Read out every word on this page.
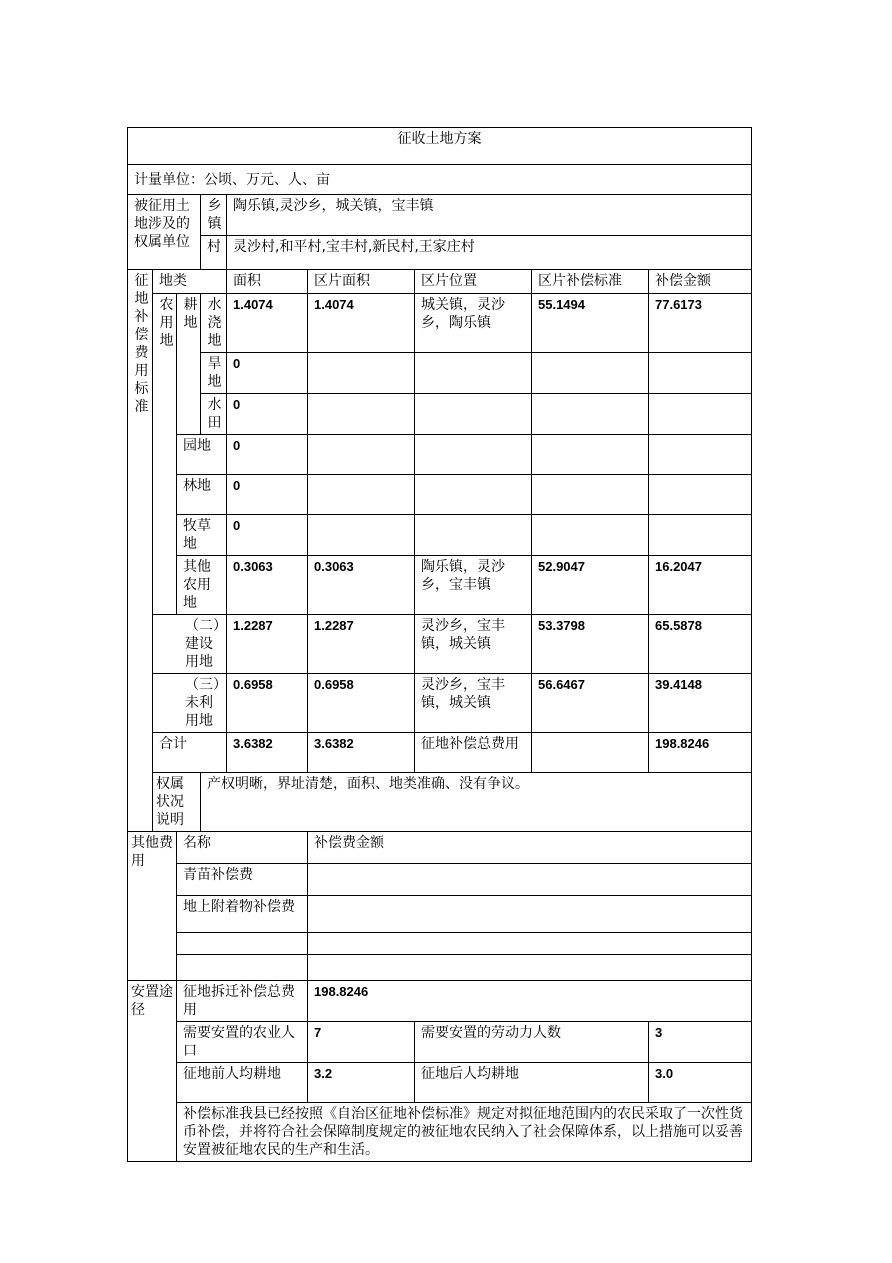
征收土地方案								
计量单位：公顷、万元、人、亩								
被征用土地涉及的权属单位			乡镇	陶乐镇,灵沙乡，城关镇，宝丰镇				
			村	灵沙村,和平村,宝丰村,新民村,王家庄村				
征地补偿费用标准	地类			面积	区片面积	区片位置	区片补偿标准	补偿金额
	农用地	耕地	水浇地	1.4074	1.4074	城关镇，灵沙乡，陶乐镇	55.1494	77.6173
			旱地	0				
			水田	0				
		园地		0				
		林地		0				
		牧草地		0				
		其他农用地		0.3063	0.3063	陶乐镇，灵沙乡，宝丰镇	52.9047	16.2047
	（二）建设用地			1.2287	1.2287	灵沙乡，宝丰镇，城关镇	53.3798	65.5878
	（三）未利用地			0.6958	0.6958	灵沙乡，宝丰镇，城关镇	56.6467	39.4148
	合计			3.6382	3.6382	征地补偿总费用		198.8246
	权属状况说明		产权明晰，界址清楚，面积、地类准确、没有争议。					
其他费用		名称			补偿费金额			
		青苗补偿费						
		地上附着物补偿费						

安置途径		征地拆迁补偿总费用			198.8246			
		需要安置的农业人口			7	需要安置的劳动力人数		3
		征地前人均耕地			3.2	征地后人均耕地		3.0
		补偿标准我县已经按照《自治区征地补偿标准》规定对拟征地范围内的农民采取了一次性货币补偿，并将符合社会保障制度规定的被征地农民纳入了社会保障体系，以上措施可以妥善安置被征地农民的生产和生活。						
